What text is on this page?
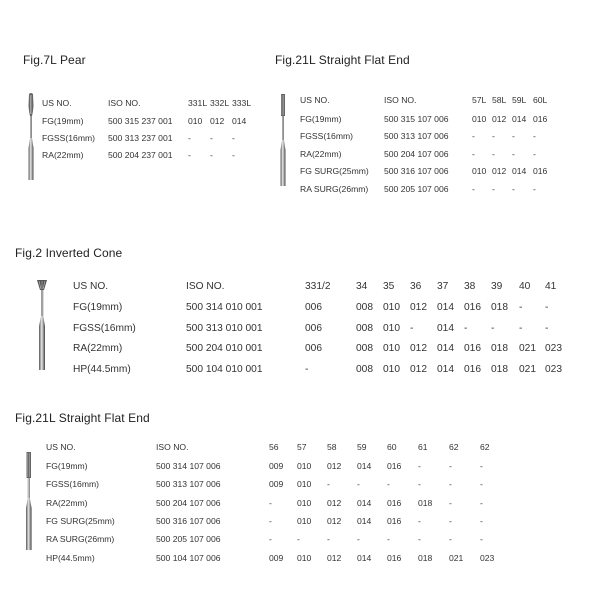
Fig.7L Pear
US NO.	ISO NO.	331L 332L 333L
FG(19mm)	500 315 237 001 010 012 014
FGSS(16mm) 500 313 237 001 - - -
RA(22mm)	500 204 237 001 - - -
Fig.21L Straight Flat End
US NO.	ISO NO.	57L 58L 59L 60L
FG(19mm)	500 315 107 006	010 012 014 016
FGSS(16mm)	500 313 107 006	- - - -
RA(22mm)	500 204 107 006	- - - -
FG SURG(25mm) 500 316 107 006	010 012 014 016
RA SURG(26mm) 500 205 107 006	- - - -
Fig.2 Inverted Cone
US NO.	ISO NO.	331/2	34 35 36 37 38 39 40 41
FG(19mm)	500 314 010 001	006	008 010 012 014 016 018 - -
FGSS(16mm)	500 313 010 001	006	008 010 - 014 - - - -
RA(22mm)	500 204 010 001	006	008 010 012 014 016 018 021 023
HP(44.5mm)	500 104 010 001	-	008 010 012 014 016 018 021 023
Fig.21L Straight Flat End
US NO.	ISO NO.	56 57 58 59 60 61 62 62
FG(19mm)	500 314 107 006	009 010 012 014 016 -	-	-
FGSS(16mm)	500 313 107 006	009 010 -	-	-	-	-	-
RA(22mm)	500 204 107 006	-	010 012 014 016 018 -	-
FG SURG(25mm)	500 316 107 006	-	010 012 014 016 -	-	-
RA SURG(26mm)	500 205 107 006	-	-	-	-	-	-	-	-
HP(44.5mm)	500 104 107 006	009 010 012 014 016 018 021 023
